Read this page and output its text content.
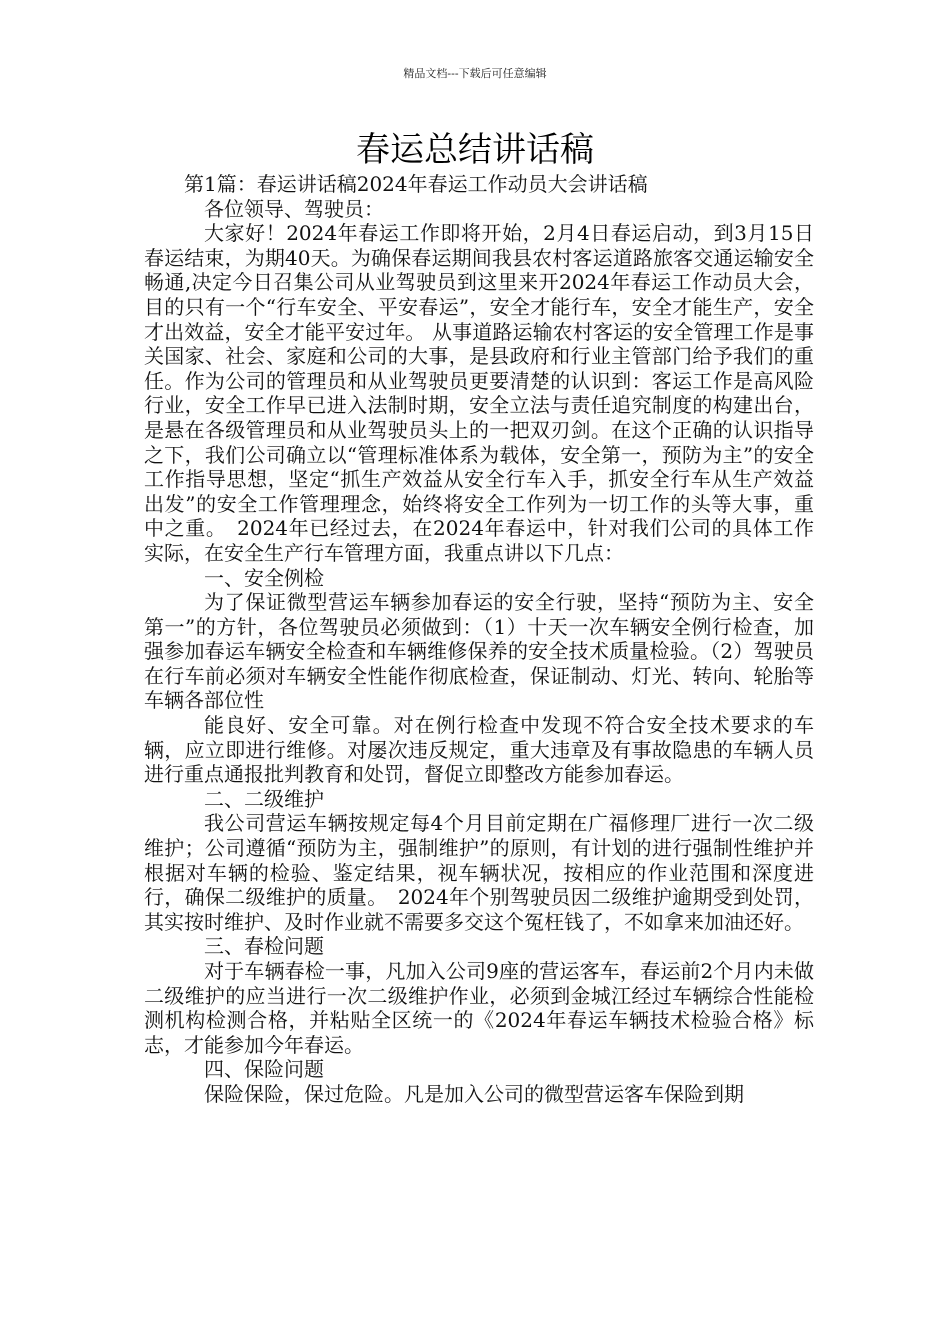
精品文档---下载后可任意编辑
春运总结讲话稿

第1篇：春运讲话稿2024年春运工作动员大会讲话稿

各位领导、驾驶员：

大家好！2024年春运工作即将开始，2月4日春运启动，到3月15日春运结束，为期40天。为确保春运期间我县农村客运道路旅客交通运输安全畅通,决定今日召集公司从业驾驶员到这里来开2024年春运工作动员大会，目的只有一个“行车安全、平安春运”，安全才能行车，安全才能生产，安全才出效益，安全才能平安过年。 从事道路运输农村客运的安全管理工作是事关国家、社会、家庭和公司的大事，是县政府和行业主管部门给予我们的重任。作为公司的管理员和从业驾驶员更要清楚的认识到：客运工作是高风险行业，安全工作早已进入法制时期，安全立法与责任追究制度的构建出台，是悬在各级管理员和从业驾驶员头上的一把双刃剑。在这个正确的认识指导之下，我们公司确立以“管理标准体系为载体，安全第一，预防为主”的安全工作指导思想，坚定“抓生产效益从安全行车入手，抓安全行车从生产效益出发”的安全工作管理理念，始终将安全工作列为一切工作的头等大事，重中之重。　2024年已经过去，在2024年春运中，针对我们公司的具体工作实际，在安全生产行车管理方面，我重点讲以下几点：

一、安全例检

为了保证微型营运车辆参加春运的安全行驶，坚持“预防为主、安全第一”的方针，各位驾驶员必须做到：（1）十天一次车辆安全例行检查，加强参加春运车辆安全检查和车辆维修保养的安全技术质量检验。（2）驾驶员在行车前必须对车辆安全性能作彻底检查，保证制动、灯光、转向、轮胎等车辆各部位性

能良好、安全可靠。对在例行检查中发现不符合安全技术要求的车辆，应立即进行维修。对屡次违反规定，重大违章及有事故隐患的车辆人员进行重点通报批判教育和处罚，督促立即整改方能参加春运。

二、二级维护

我公司营运车辆按规定每4个月目前定期在广福修理厂进行一次二级维护；公司遵循“预防为主，强制维护”的原则，有计划的进行强制性维护并根据对车辆的检验、鉴定结果，视车辆状况，按相应的作业范围和深度进行，确保二级维护的质量。　2024年个别驾驶员因二级维护逾期受到处罚，其实按时维护、及时作业就不需要多交这个冤枉钱了，不如拿来加油还好。

三、春检问题

对于车辆春检一事，凡加入公司9座的营运客车，春运前2个月内未做二级维护的应当进行一次二级维护作业，必须到金城江经过车辆综合性能检测机构检测合格，并粘贴全区统一的《2024年春运车辆技术检验合格》标志，才能参加今年春运。

四、保险问题

保险保险，保过危险。凡是加入公司的微型营运客车保险到期
